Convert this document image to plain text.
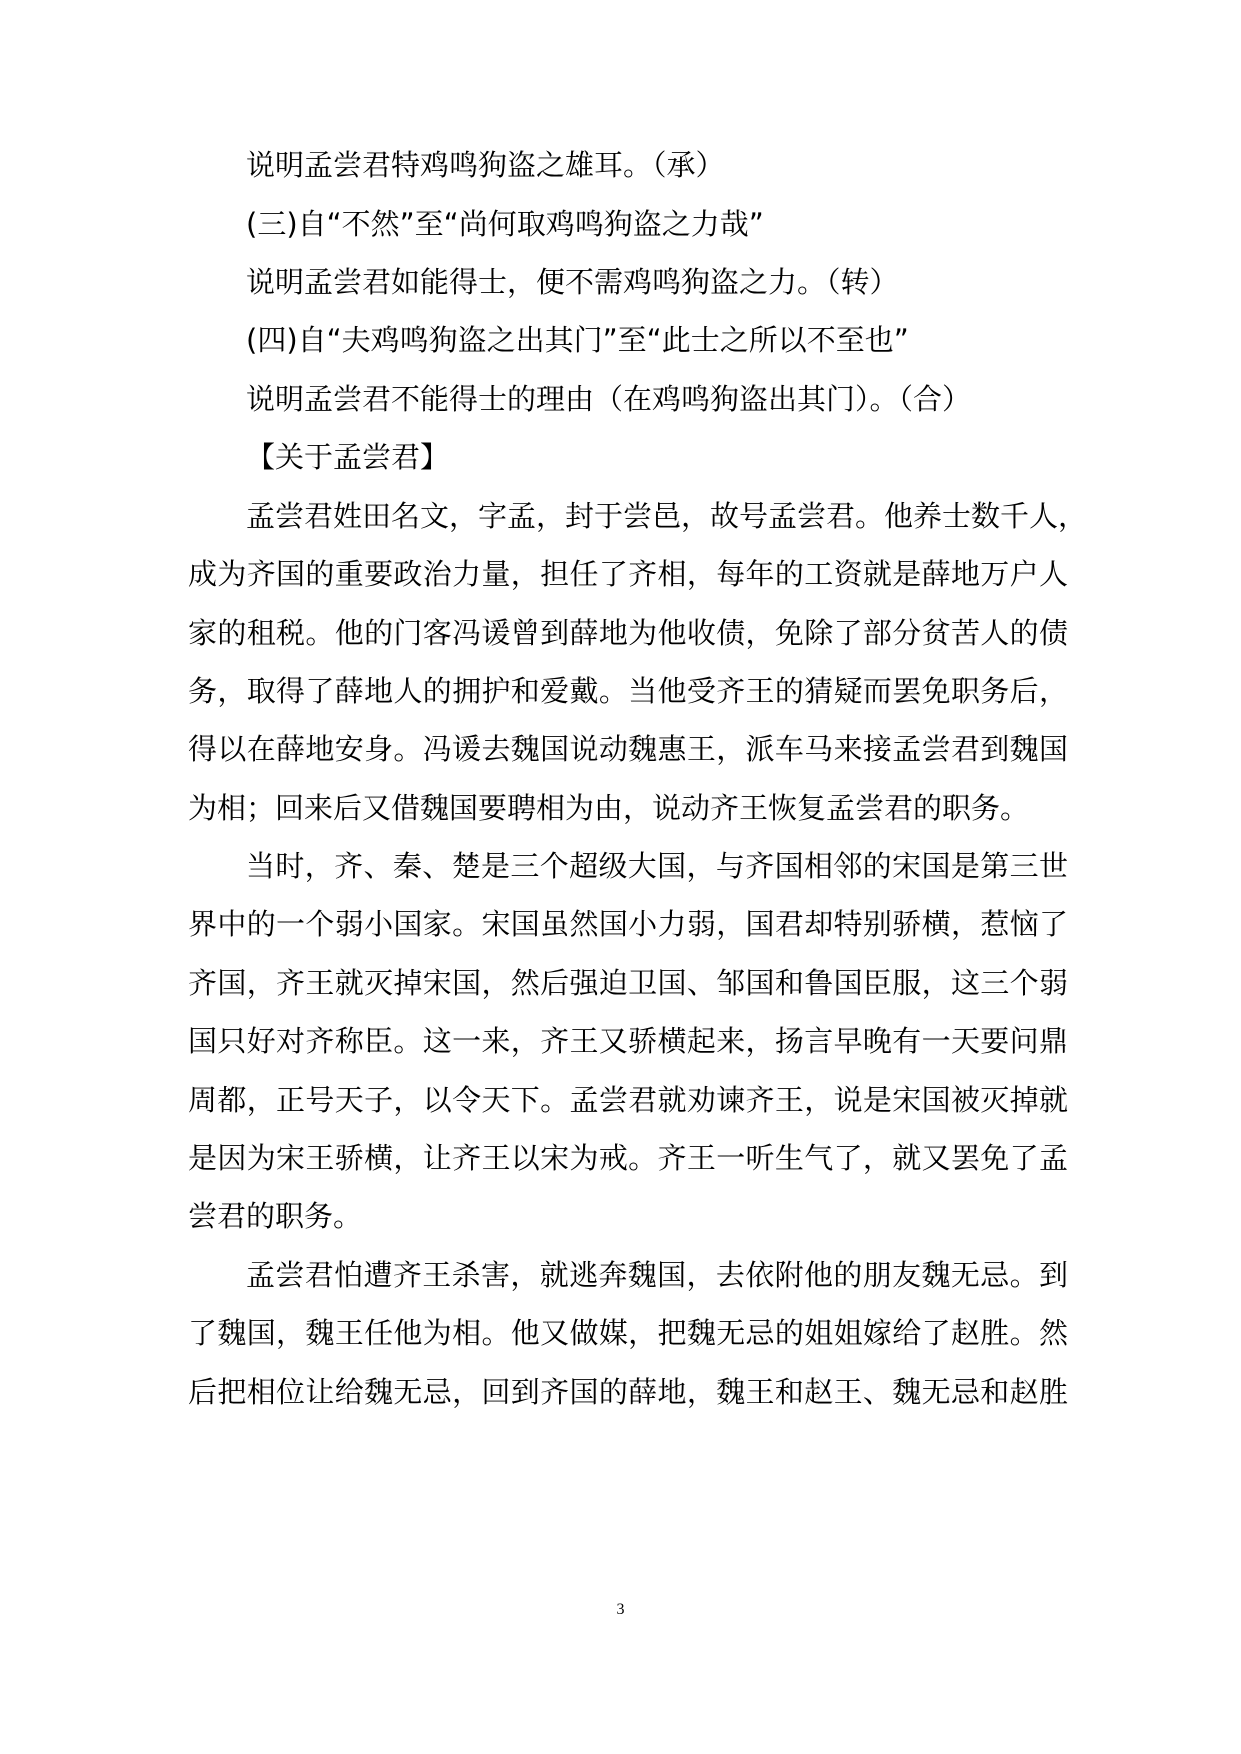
说明孟尝君特鸡鸣狗盗之雄耳。（承）
(三)自“不然”至“尚何取鸡鸣狗盗之力哉”
说明孟尝君如能得士，便不需鸡鸣狗盗之力。（转）
(四)自“夫鸡鸣狗盗之出其门”至“此士之所以不至也”
说明孟尝君不能得士的理由（在鸡鸣狗盗出其门）。（合）
【关于孟尝君】
孟尝君姓田名文，字孟，封于尝邑，故号孟尝君。他养士数千人，
成为齐国的重要政治力量，担任了齐相，每年的工资就是薛地万户人
家的租税。他的门客冯谖曾到薛地为他收债，免除了部分贫苦人的债
务，取得了薛地人的拥护和爱戴。当他受齐王的猜疑而罢免职务后，
得以在薛地安身。冯谖去魏国说动魏惠王，派车马来接孟尝君到魏国
为相；回来后又借魏国要聘相为由，说动齐王恢复孟尝君的职务。
当时，齐、秦、楚是三个超级大国，与齐国相邻的宋国是第三世
界中的一个弱小国家。宋国虽然国小力弱，国君却特别骄横，惹恼了
齐国，齐王就灭掉宋国，然后强迫卫国、邹国和鲁国臣服，这三个弱
国只好对齐称臣。这一来，齐王又骄横起来，扬言早晚有一天要问鼎
周都，正号天子，以令天下。孟尝君就劝谏齐王，说是宋国被灭掉就
是因为宋王骄横，让齐王以宋为戒。齐王一听生气了，就又罢免了孟
尝君的职务。
孟尝君怕遭齐王杀害，就逃奔魏国，去依附他的朋友魏无忌。到
了魏国，魏王任他为相。他又做媒，把魏无忌的姐姐嫁给了赵胜。然
后把相位让给魏无忌，回到齐国的薛地，魏王和赵王、魏无忌和赵胜
3
